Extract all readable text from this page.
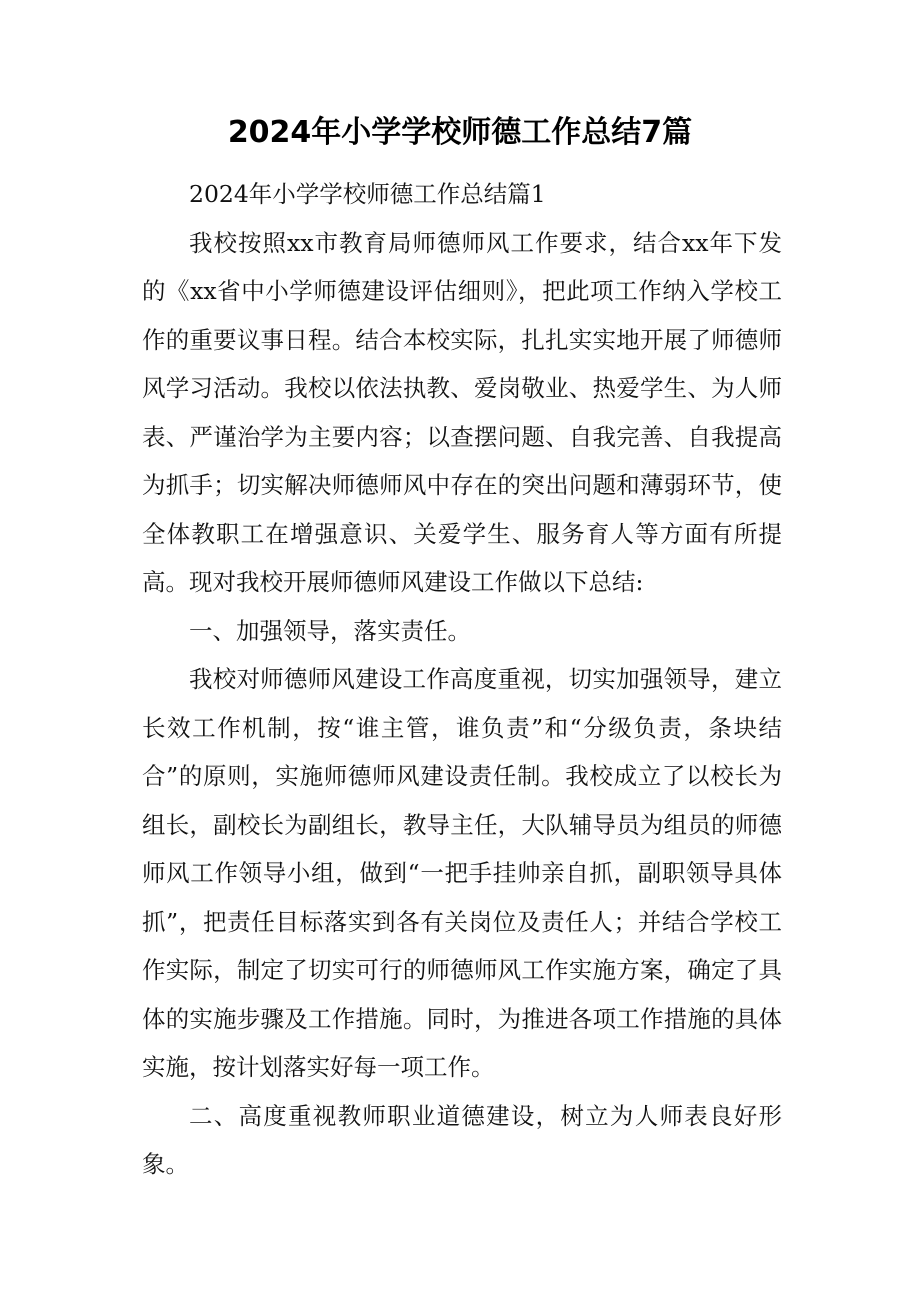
2024年小学学校师德工作总结7篇

2024年小学学校师德工作总结篇1

我校按照xx市教育局师德师风工作要求，结合xx年下发的《xx省中小学师德建设评估细则》，把此项工作纳入学校工作的重要议事日程。结合本校实际，扎扎实实地开展了师德师风学习活动。我校以依法执教、爱岗敬业、热爱学生、为人师表、严谨治学为主要内容；以查摆问题、自我完善、自我提高为抓手；切实解决师德师风中存在的突出问题和薄弱环节，使全体教职工在增强意识、关爱学生、服务育人等方面有所提高。现对我校开展师德师风建设工作做以下总结:

一、加强领导，落实责任。

我校对师德师风建设工作高度重视，切实加强领导，建立长效工作机制，按“谁主管，谁负责”和“分级负责，条块结合”的原则，实施师德师风建设责任制。我校成立了以校长为组长，副校长为副组长，教导主任，大队辅导员为组员的师德师风工作领导小组，做到“一把手挂帅亲自抓，副职领导具体抓”，把责任目标落实到各有关岗位及责任人；并结合学校工作实际，制定了切实可行的师德师风工作实施方案，确定了具体的实施步骤及工作措施。同时，为推进各项工作措施的具体实施，按计划落实好每一项工作。

二、高度重视教师职业道德建设，树立为人师表良好形象。
